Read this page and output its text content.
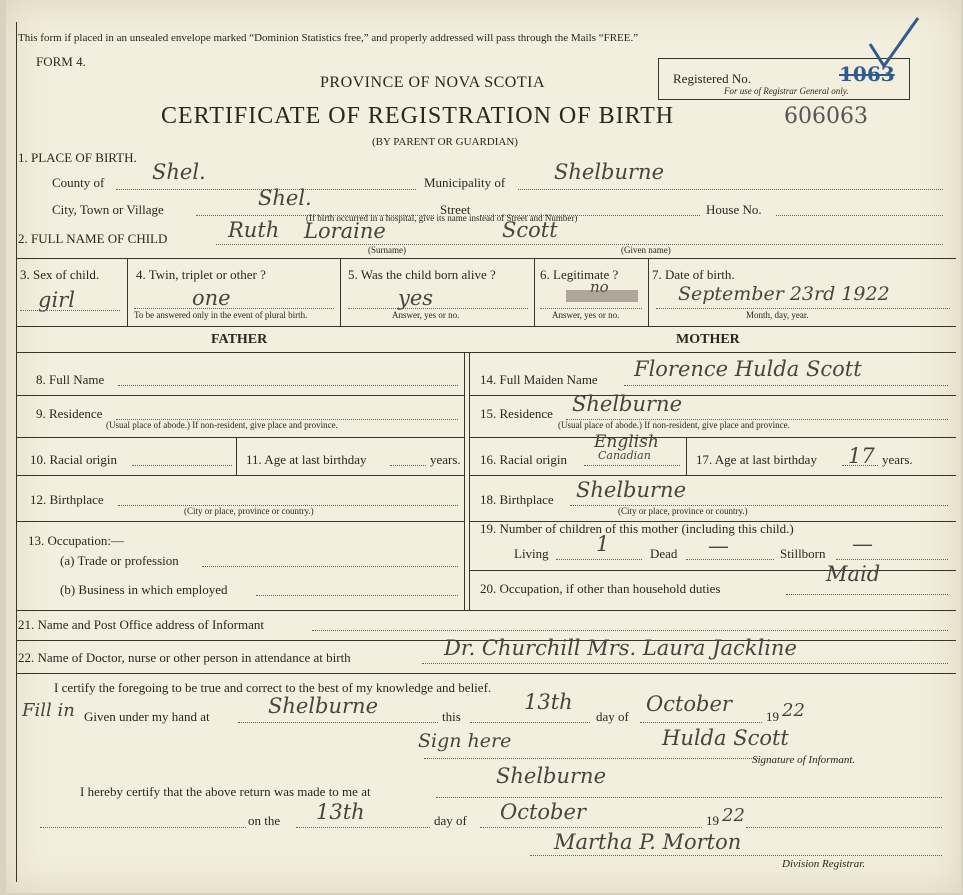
This form if placed in an unsealed envelope marked “Dominion Statistics free,” and properly addressed will pass through the Mails “FREE.”
FORM 4.
PROVINCE OF NOVA SCOTIA
CERTIFICATE OF REGISTRATION OF BIRTH	606063
(BY PARENT OR GUARDIAN)
Registered No.
For use of Registrar General only.
1063
1. PLACE OF BIRTH.
County of Shel.	Municipality of Shelburne
City, Town or Village	Shel.	Street	House No.
(If birth occurred in a hospital, give its name instead of Street and Number)
2. FULL NAME OF CHILD	Ruth Loraine	Scott
(Surname)	(Given name)
3. Sex of child.
girl
4. Twin, triplet or other ?
one
To be answered only in the event of plural birth.
5. Was the child born alive ?
yes
Answer, yes or no.
6. Legitimate ?
no
Answer, yes or no.
7. Date of birth.
September 23rd 1922
Month, day, year.
FATHER	MOTHER
8. Full Name
9. Residence
(Usual place of abode.) If non-resident, give place and province.
10. Racial origin	11. Age at last birthday	years.
12. Birthplace
(City or place, province or country.)
13. Occupation:—
(a) Trade or profession
(b) Business in which employed
14. Full Maiden Name Florence Hulda Scott
15. Residence Shelburne
(Usual place of abode.) If non-resident, give place and province.
16. Racial origin
English
Canadian	17. Age at last birthday 17 years.
18. Birthplace Shelburne
(City or place, province or country.)
19. Number of children of this mother (including this child.)
Living 1	Dead —	Stillborn —
20. Occupation, if other than household duties
Maid
21. Name and Post Office address of Informant
22. Name of Doctor, nurse or other person in attendance at birth	Dr. Churchill Mrs. Laura Jackline
I certify the foregoing to be true and correct to the best of my knowledge and belief.
Fill in Given under my hand at	Shelburne	this
13th
day of
October
19 22
Sign here	Hulda Scott
Signature of Informant.
I hereby certify that the above return was made to me at
Shelburne
on the 13th	day of October	19 22
Martha P. Morton
Division Registrar.
